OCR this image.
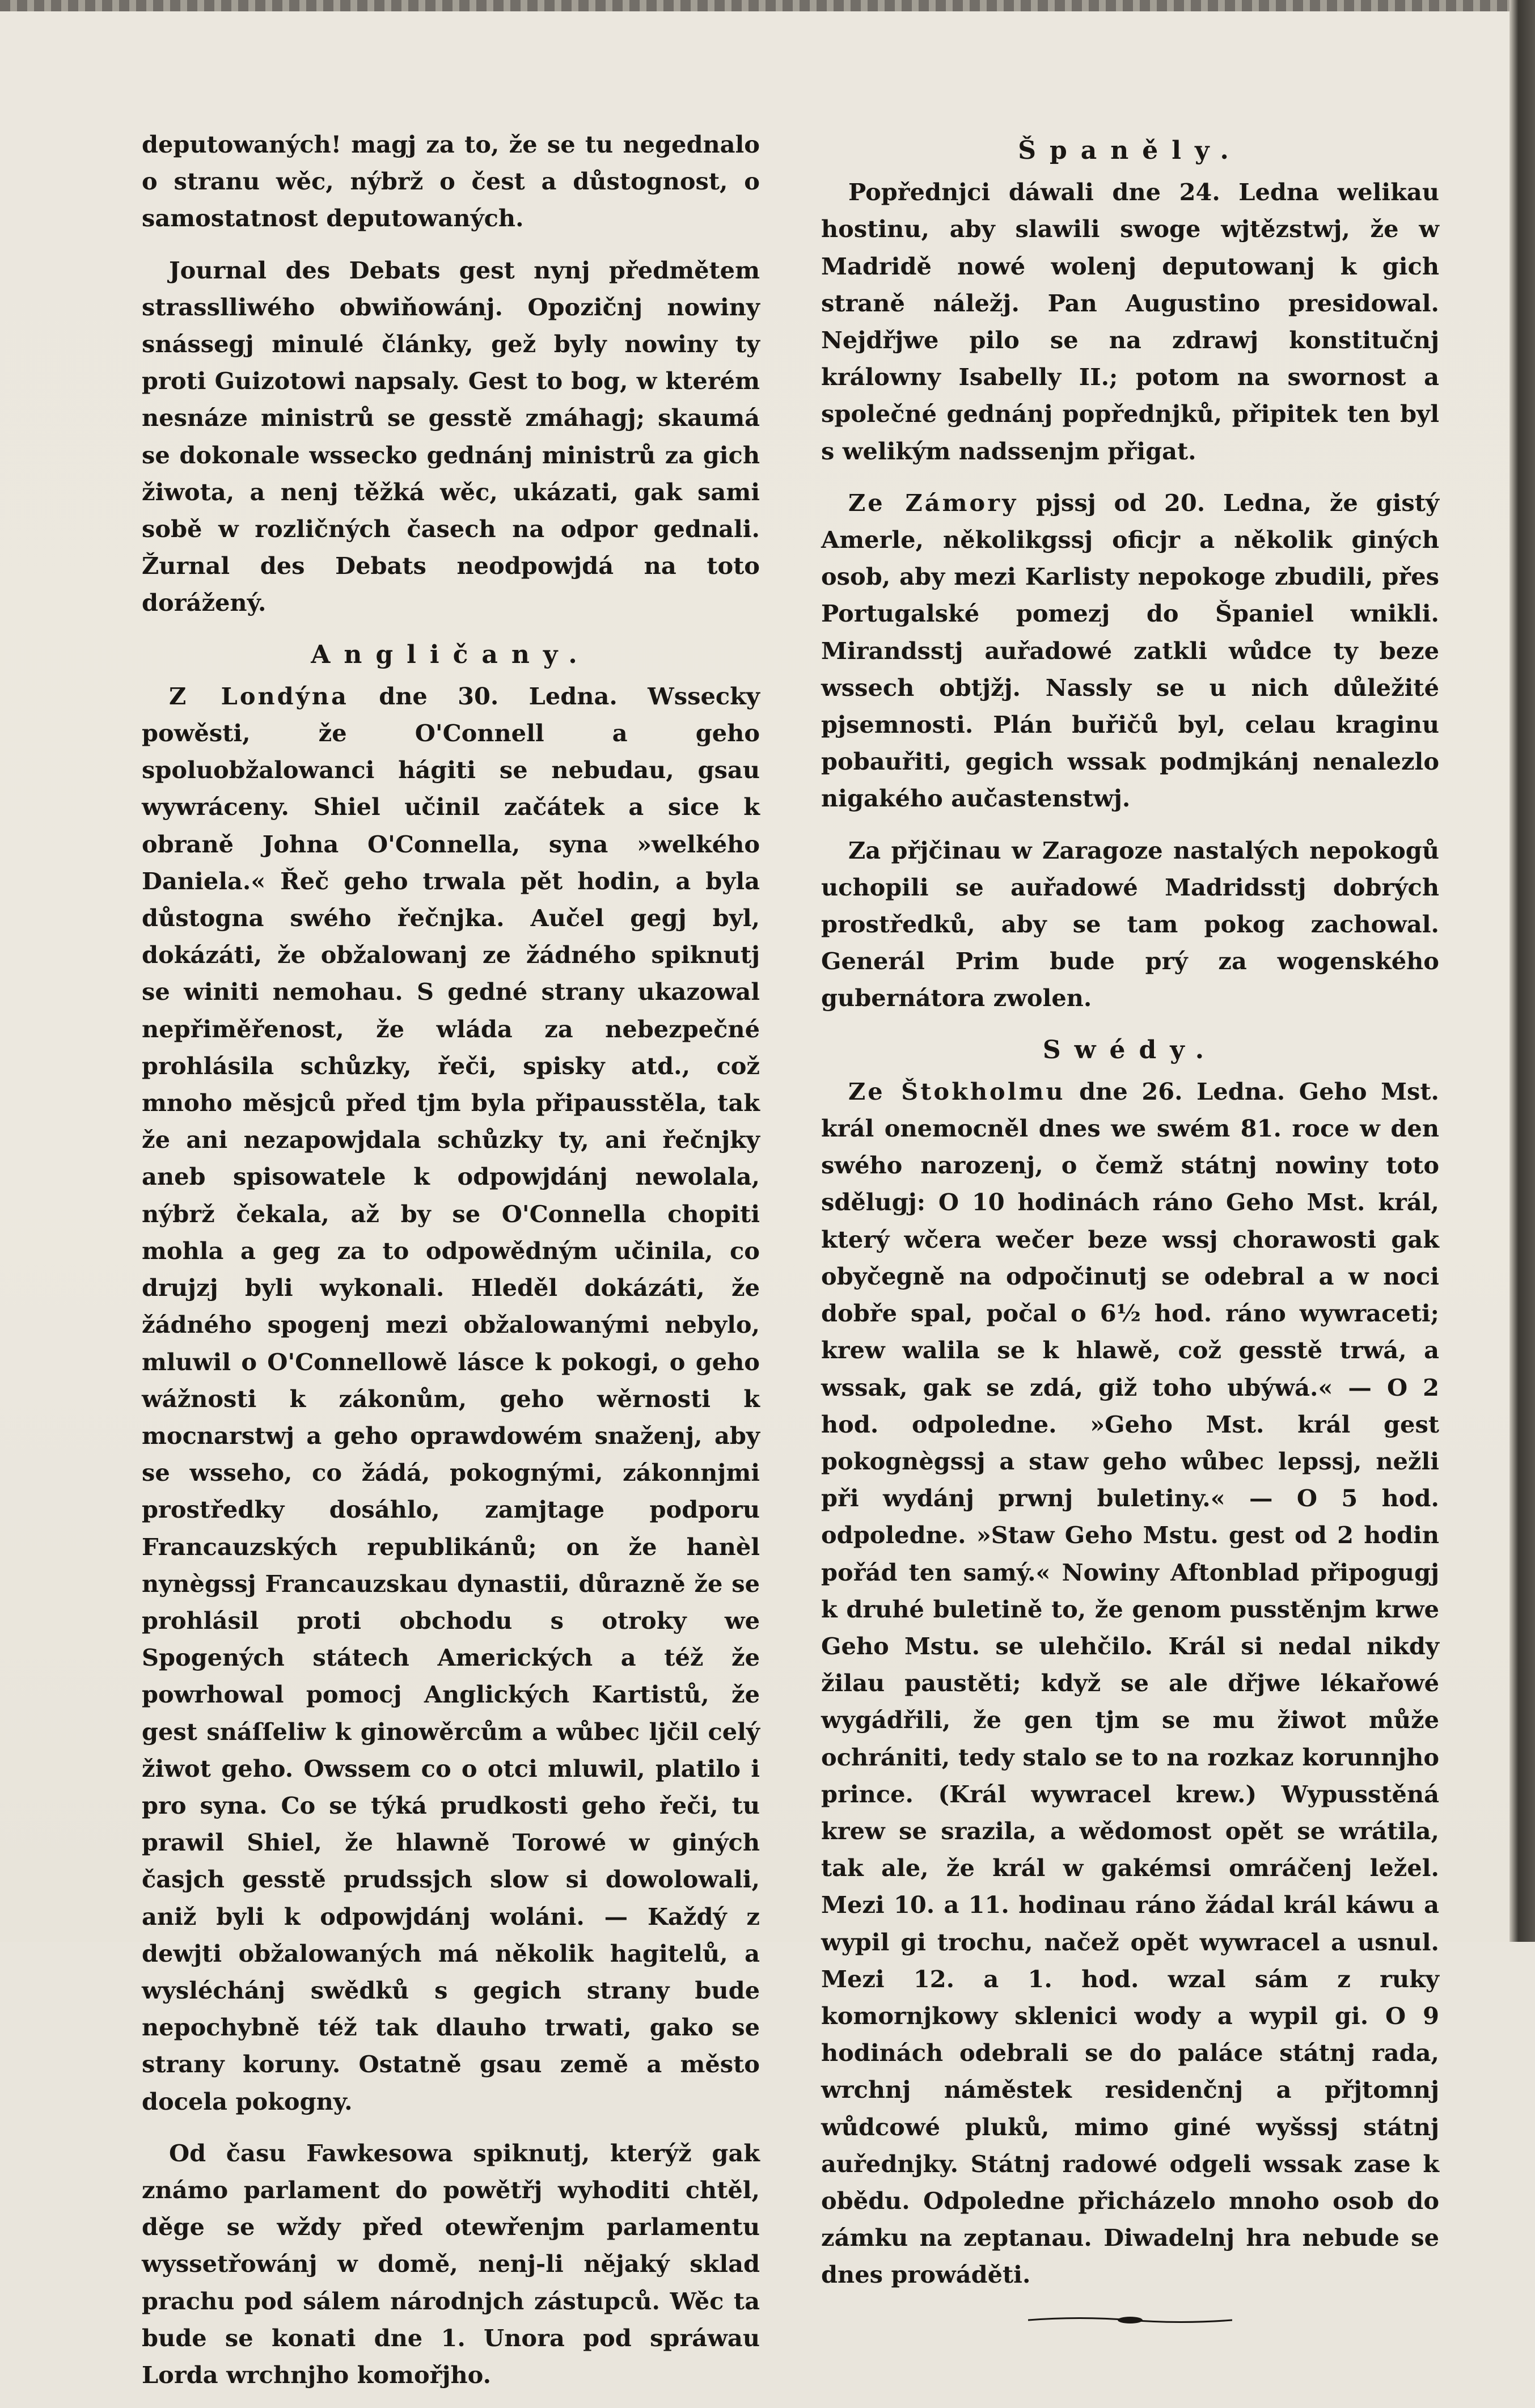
deputowaných! magj za to, že se tu negednalo o stranu wěc, nýbrž o čest a důstognost, o samostatnost deputowaných.

Journal des Debats gest nynj předmětem strasslliwého obwiňowánj. Opozičnj nowiny snássegj minulé články, gež byly nowiny ty proti Guizotowi napsaly. Gest to bog, w kterém nesnáze ministrů se gesstě zmáhagj; skaumá se dokonale wssecko gednánj ministrů za gich žiwota, a nenj těžká wěc, ukázati, gak sami sobě w rozličných časech na odpor gednali. Žurnal des Debats neodpowjdá na toto dorážený.

Angličany.

Z Londýna dne 30. Ledna. Wssecky powěsti, že O'Connell a geho spoluobžalowanci hágiti se nebudau, gsau wywráceny. Shiel učinil začátek a sice k obraně Johna O'Connella, syna »welkého Daniela.« Řeč geho trwala pět hodin, a byla důstogna swého řečnjka. Aučel gegj byl, dokázáti, že obžalowanj ze žádného spiknutj se winiti nemohau. S gedné strany ukazowal nepřiměřenost, že wláda za nebezpečné prohlásila schůzky, řeči, spisky atd., což mnoho měsjců před tjm byla připausstěla, tak že ani nezapowjdala schůzky ty, ani řečnjky aneb spisowatele k odpowjdánj newolala, nýbrž čekala, až by se O'Connella chopiti mohla a geg za to odpowědným učinila, co drujzj byli wykonali. Hleděl dokázáti, že žádného spogenj mezi obžalowanými nebylo, mluwil o O'Connellowě lásce k pokogi, o geho wážnosti k zákonům, geho wěrnosti k mocnarstwj a geho oprawdowém snaženj, aby se wsseho, co žádá, pokognými, zákonnjmi prostředky dosáhlo, zamjtage podporu Francauzských republikánů; on že hanèl nynègssj Francauzskau dynastii, důrazně že se prohlásil proti obchodu s otroky we Spogených státech Amerických a též že powrhowal pomocj Anglických Kartistů, že gest snáſſeliw k ginowěrcům a wůbec ljčil celý žiwot geho. Owssem co o otci mluwil, platilo i pro syna. Co se týká prudkosti geho řeči, tu prawil Shiel, že hlawně Torowé w giných časjch gesstě prudssjch slow si dowolowali, aniž byli k odpowjdánj woláni. — Každý z dewjti obžalowaných má několik hagitelů, a wysléchánj swědků s gegich strany bude nepochybně též tak dlauho trwati, gako se strany koruny. Ostatně gsau země a město docela pokogny.

Od času Fawkesowa spiknutj, kterýž gak známo parlament do powětřj wyhoditi chtěl, děge se wždy před otewřenjm parlamentu wyssetřowánj w domě, nenj-li nějaký sklad prachu pod sálem národnjch zástupců. Wěc ta bude se konati dne 1. Unora pod spráwau Lorda wrchnjho komořjho.

Španěly.

Popřednjci dáwali dne 24. Ledna welikau hostinu, aby slawili swoge wjtězstwj, že w Madridě nowé wolenj deputowanj k gich straně náležj. Pan Augustino presidowal. Nejdřjwe pilo se na zdrawj konstitučnj králowny Isabelly II.; potom na swornost a společné gednánj popřednjků, připitek ten byl s welikým nadssenjm přigat.

Ze Zámory pjssj od 20. Ledna, že gistý Amerle, několikgssj oficjr a několik giných osob, aby mezi Karlisty nepokoge zbudili, přes Portugalské pomezj do Španiel wnikli. Mirandsstj auřadowé zatkli wůdce ty beze wssech obtjžj. Nassly se u nich důležité pjsemnosti. Plán buřičů byl, celau kraginu pobauřiti, gegich wssak podmjkánj nenalezlo nigakého aučastenstwj.

Za přjčinau w Zaragoze nastalých nepokogů uchopili se auřadowé Madridsstj dobrých prostředků, aby se tam pokog zachowal. Generál Prim bude prý za wogenského gubernátora zwolen.

Swédy.

Ze Štokholmu dne 26. Ledna. Geho Mst. král onemocněl dnes we swém 81. roce w den swého narozenj, o čemž státnj nowiny toto sdělugj: O 10 hodinách ráno Geho Mst. král, který wčera wečer beze wssj chorawosti gak obyčegně na odpočinutj se odebral a w noci dobře spal, počal o 6½ hod. ráno wywraceti; krew walila se k hlawě, což gesstě trwá, a wssak, gak se zdá, giž toho ubýwá.« — O 2 hod. odpoledne. »Geho Mst. král gest pokognègssj a staw geho wůbec lepssj, nežli při wydánj prwnj buletiny.« — O 5 hod. odpoledne. »Staw Geho Mstu. gest od 2 hodin pořád ten samý.« Nowiny Aftonblad připogugj k druhé buletině to, že genom pusstěnjm krwe Geho Mstu. se ulehčilo. Král si nedal nikdy žilau paustěti; když se ale dřjwe lékařowé wygádřili, že gen tjm se mu žiwot může ochrániti, tedy stalo se to na rozkaz korunnjho prince. (Král wywracel krew.) Wypusstěná krew se srazila, a wědomost opět se wrátila, tak ale, že král w gakémsi omráčenj ležel. Mezi 10. a 11. hodinau ráno žádal král káwu a wypil gi trochu, načež opět wywracel a usnul. Mezi 12. a 1. hod. wzal sám z ruky komornjkowy sklenici wody a wypil gi. O 9 hodinách odebrali se do paláce státnj rada, wrchnj náměstek residenčnj a přjtomnj wůdcowé pluků, mimo giné wyšssj státnj auřednjky. Státnj radowé odgeli wssak zase k obědu. Odpoledne přicházelo mnoho osob do zámku na zeptanau. Diwadelnj hra nebude se dnes prowáděti.
